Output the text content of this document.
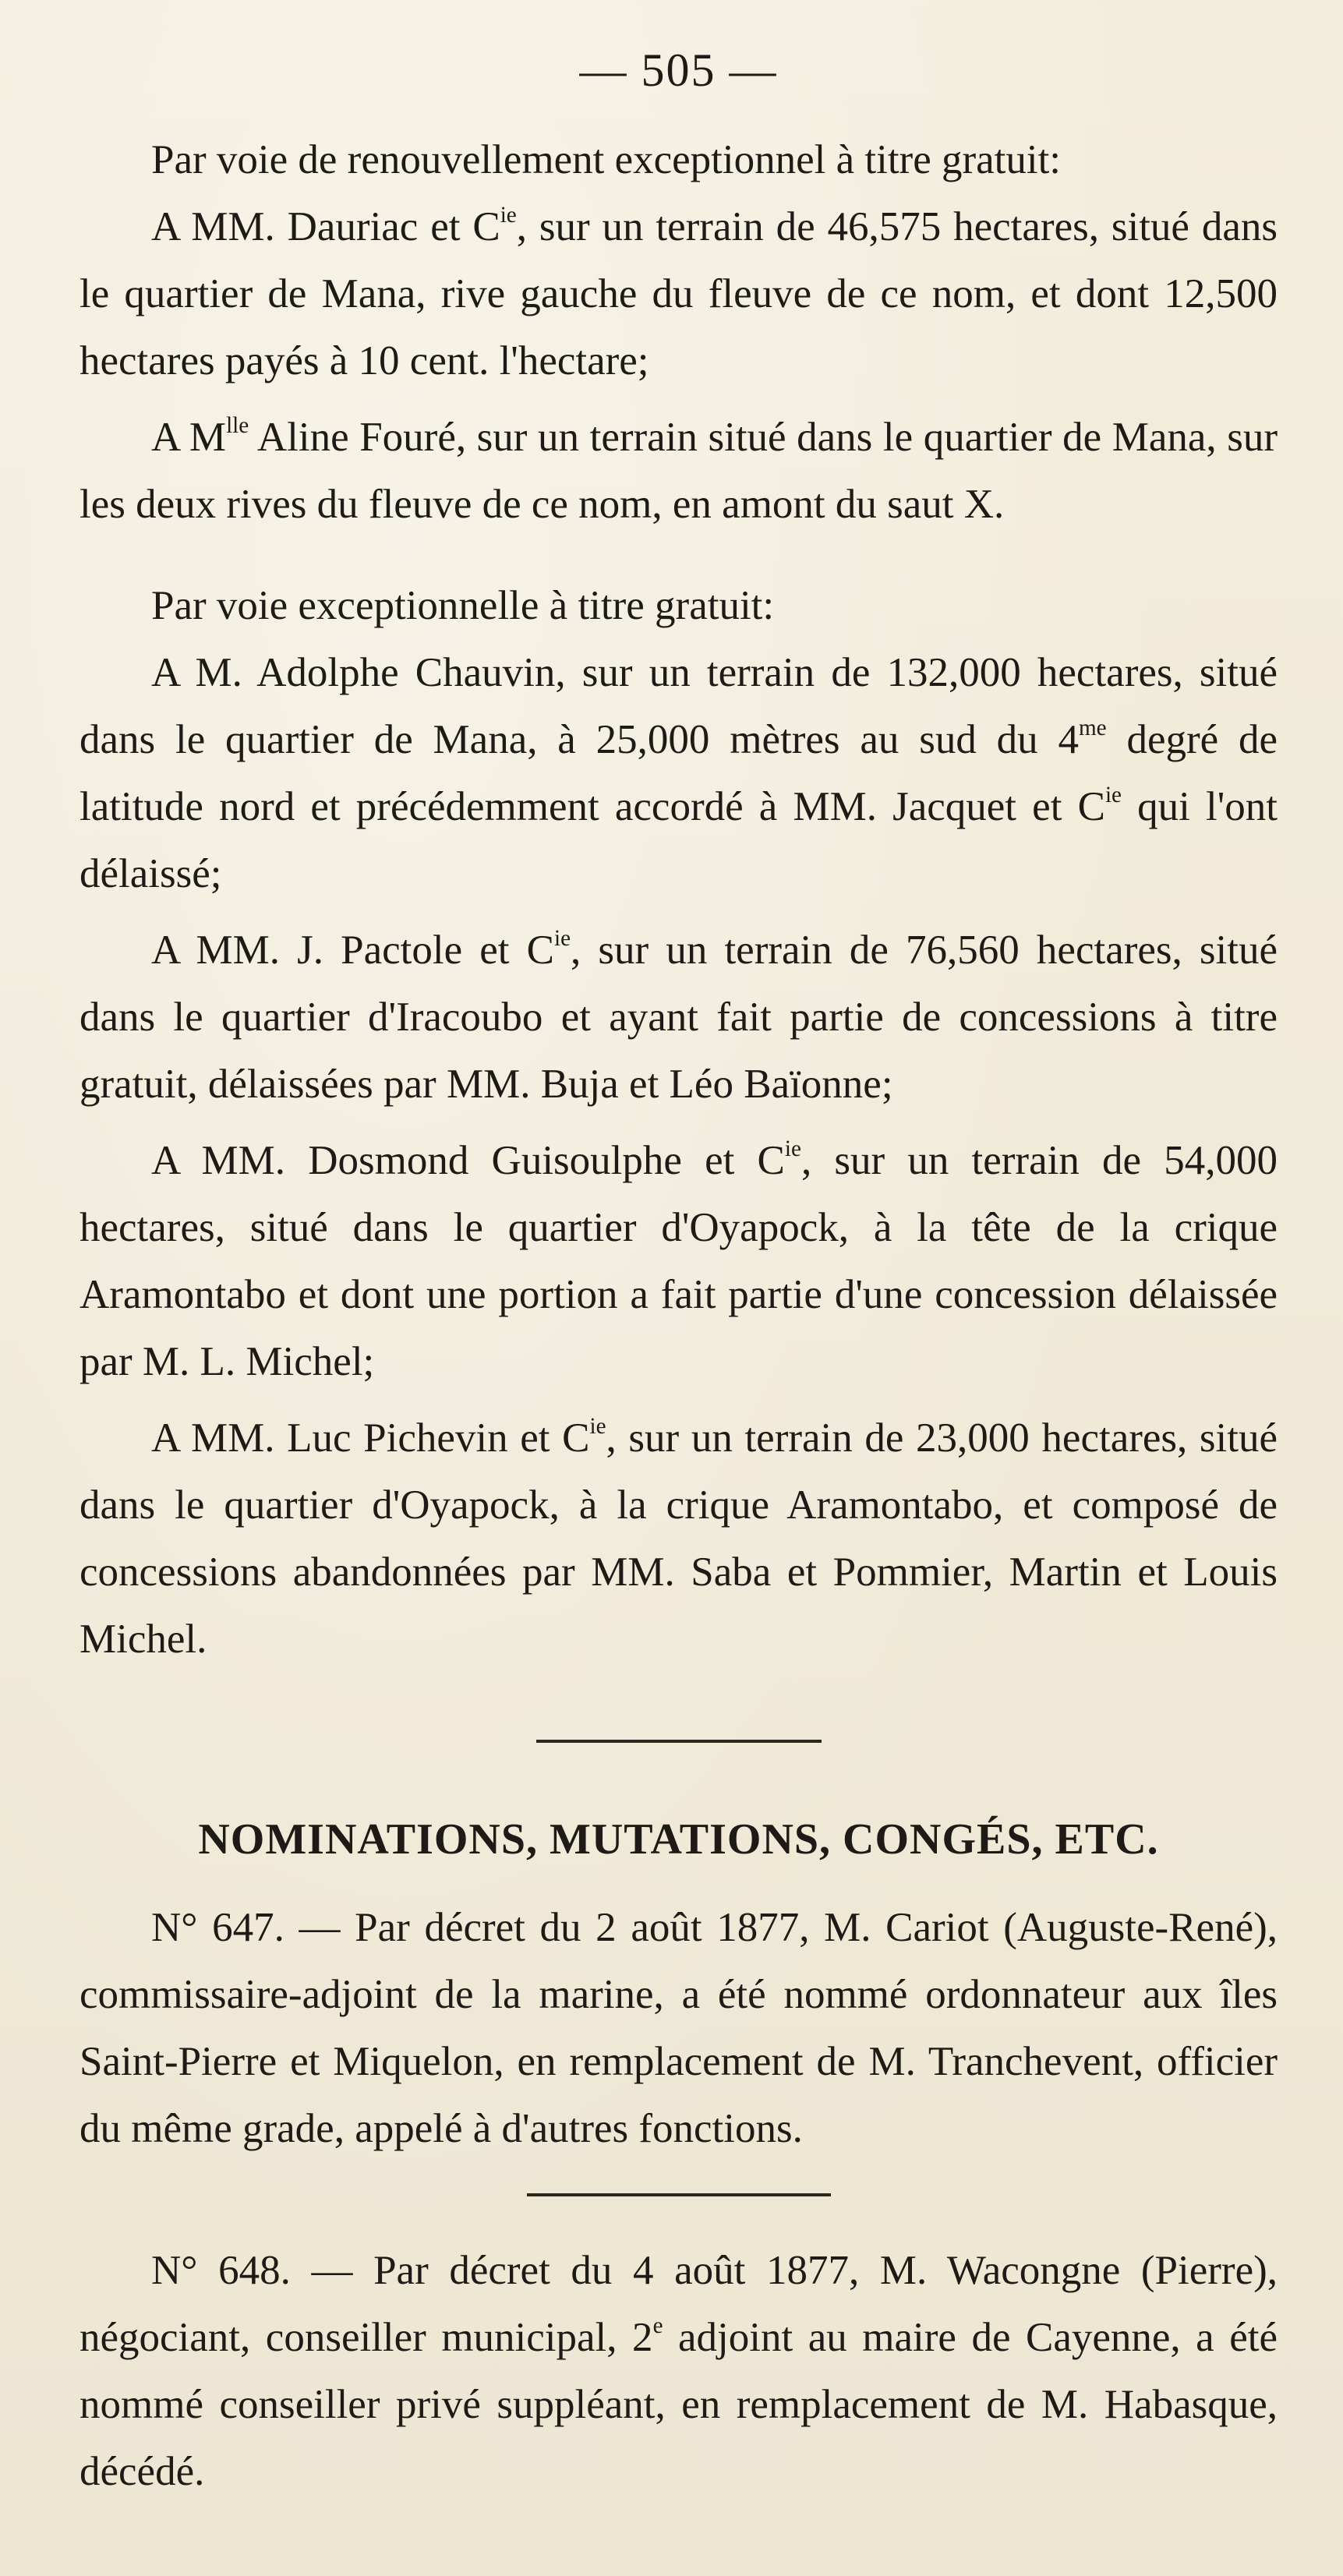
— 505 —

Par voie de renouvellement exceptionnel à titre gratuit:

A MM. Dauriac et $C^{ie}$, sur un terrain de 46,575 hectares, situé dans le quartier de Mana, rive gauche du fleuve de ce nom, et dont 12,500 hectares payés à 10 cent. l'hectare;

A $M^{lle}$ Aline Fouré, sur un terrain situé dans le quartier de Mana, sur les deux rives du fleuve de ce nom, en amont du saut X.

Par voie exceptionnelle à titre gratuit:

A M. Adolphe Chauvin, sur un terrain de 132,000 hectares, situé dans le quartier de Mana, à 25,000 mètres au sud du $4^{me}$ degré de latitude nord et précédemment accordé à MM. Jacquet et $C^{ie}$ qui l'ont délaissé;

A MM. J. Pactole et $C^{ie}$, sur un terrain de 76,560 hectares, situé dans le quartier d'Iracoubo et ayant fait partie de concessions à titre gratuit, délaissées par MM. Buja et Léo Baïonne;

A MM. Dosmond Guisoulphe et $C^{ie}$, sur un terrain de 54,000 hectares, situé dans le quartier d'Oyapock, à la tête de la crique Aramontabo et dont une portion a fait partie d'une concession délaissée par M. L. Michel;

A MM. Luc Pichevin et $C^{ie}$, sur un terrain de 23,000 hectares, situé dans le quartier d'Oyapock, à la crique Aramontabo, et composé de concessions abandonnées par MM. Saba et Pommier, Martin et Louis Michel.

NOMINATIONS, MUTATIONS, CONGÉS, ETC.

N° 647. — Par décret du 2 août 1877, M. Cariot (Auguste-René), commissaire-adjoint de la marine, a été nommé ordonnateur aux îles Saint-Pierre et Miquelon, en remplacement de M. Tranchevent, officier du même grade, appelé à d'autres fonctions.

N° 648. — Par décret du 4 août 1877, M. Wacongne (Pierre), négociant, conseiller municipal, 2e adjoint au maire de Cayenne, a été nommé conseiller privé suppléant, en remplacement de M. Habasque, décédé.
